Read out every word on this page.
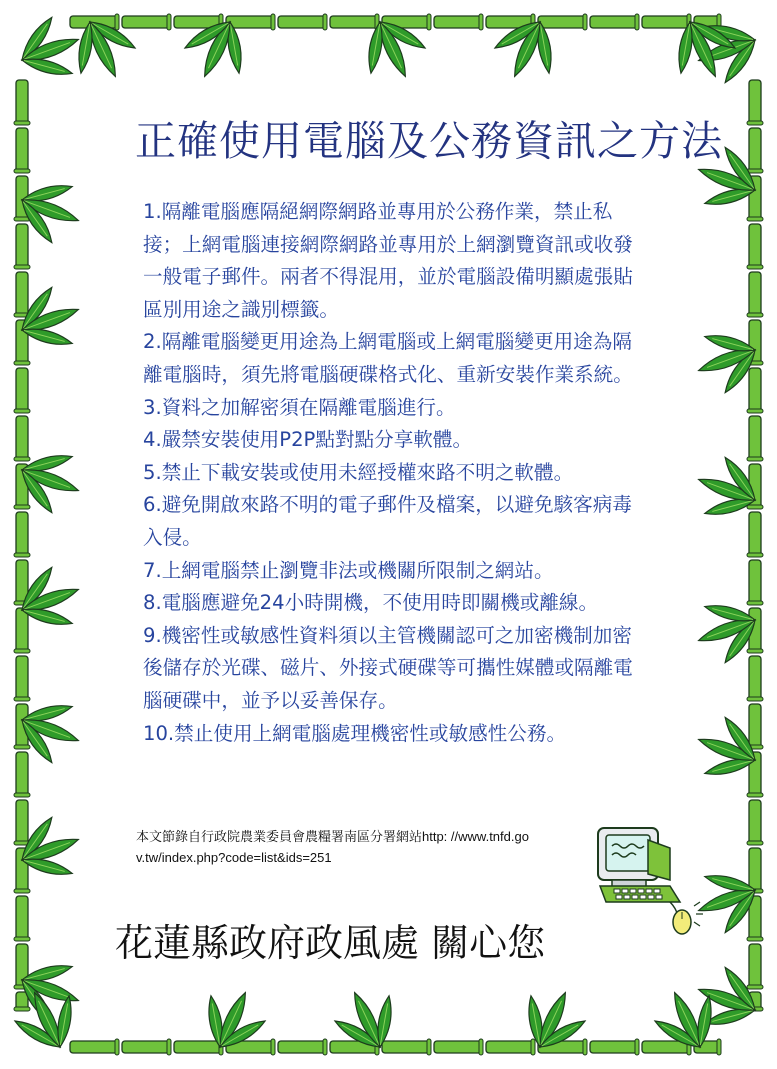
正確使用電腦及公務資訊之方法

1.隔離電腦應隔絕網際網路並專用於公務作業，禁止私接；上網電腦連接網際網路並專用於上網瀏覽資訊或收發一般電子郵件。兩者不得混用，並於電腦設備明顯處張貼區別用途之識別標籤。

2.隔離電腦變更用途為上網電腦或上網電腦變更用途為隔離電腦時，須先將電腦硬碟格式化、重新安裝作業系統。

3.資料之加解密須在隔離電腦進行。

4.嚴禁安裝使用P2P點對點分享軟體。

5.禁止下載安裝或使用未經授權來路不明之軟體。

6.避免開啟來路不明的電子郵件及檔案，以避免駭客病毒入侵。

7.上網電腦禁止瀏覽非法或機關所限制之網站。

8.電腦應避免24小時開機，不使用時即關機或離線。

9.機密性或敏感性資料須以主管機關認可之加密機制加密後儲存於光碟、磁片、外接式硬碟等可攜性媒體或隔離電腦硬碟中，並予以妥善保存。

10.禁止使用上網電腦處理機密性或敏感性公務。

本文節錄自行政院農業委員會農糧署南區分署網站http: //www.tnfd.gov.tw/index.php?code=list&ids=251
花蓮縣政府政風處 關心您
